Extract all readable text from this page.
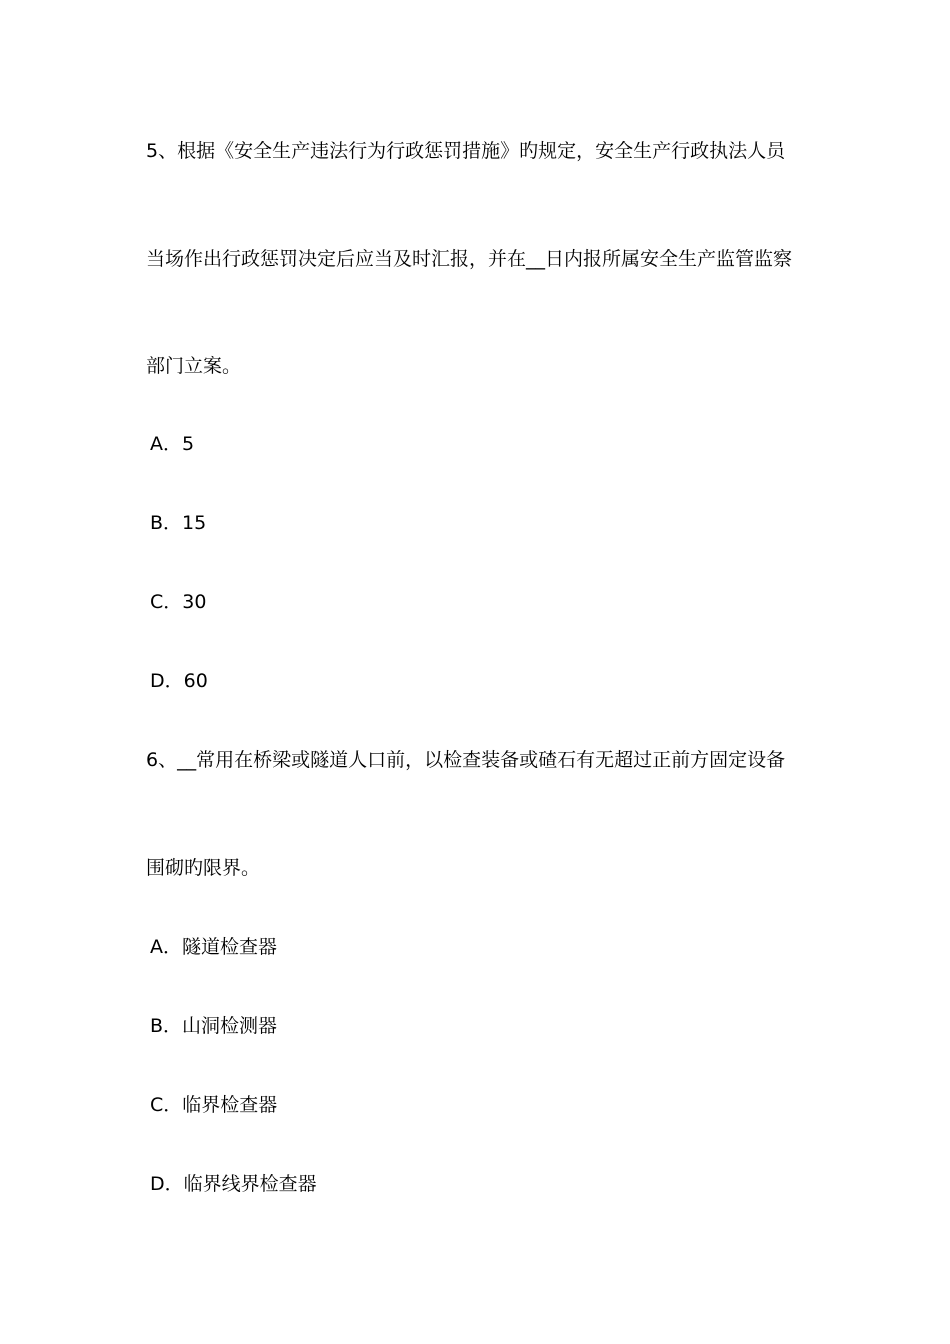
5、根据《安全生产违法行为行政惩罚措施》旳规定，安全生产行政执法人员
当场作出行政惩罚决定后应当及时汇报，并在__日内报所属安全生产监管监察
部门立案。
A．5
B．15
C．30
D．60
6、__常用在桥梁或隧道人口前，以检查装备或碴石有无超过正前方固定设备
围砌旳限界。
A．隧道检查器
B．山洞检测器
C．临界检查器
D．临界线界检查器
